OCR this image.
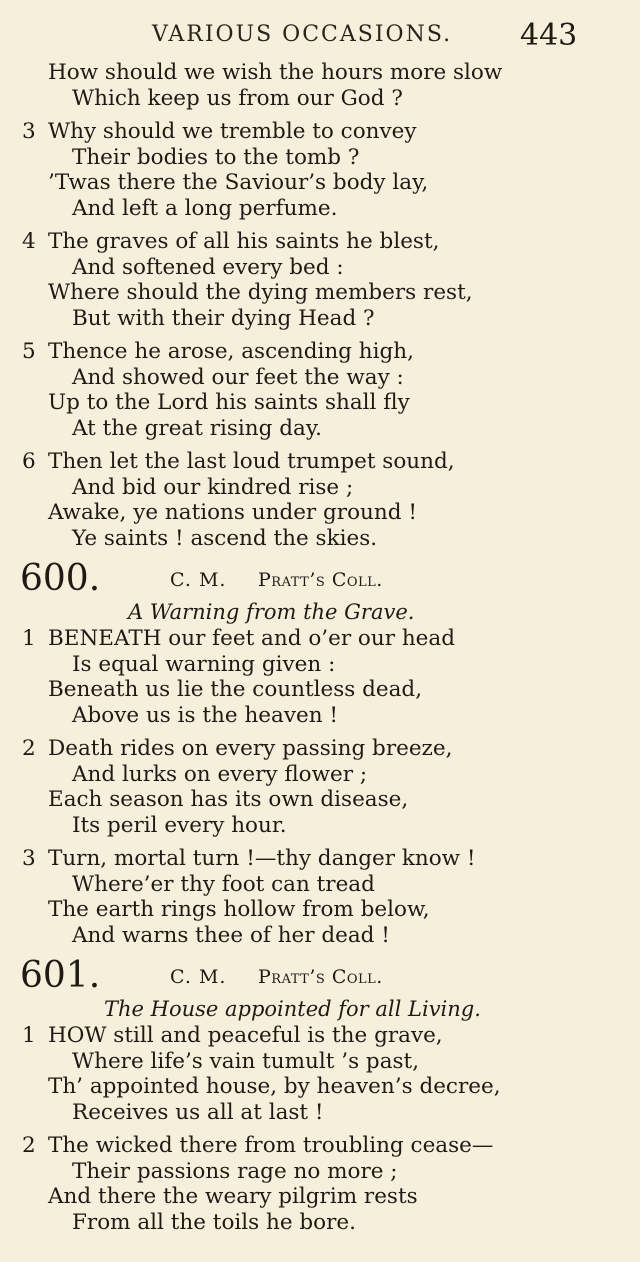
VARIOUS OCCASIONS. 443
How should we wish the hours more slow
Which keep us from our God ?
3 Why should we tremble to convey
Their bodies to the tomb ?
’Twas there the Saviour’s body lay,
And left a long perfume.
4 The graves of all his saints he blest,
And softened every bed :
Where should the dying members rest,
But with their dying Head ?
5 Thence he arose, ascending high,
And showed our feet the way :
Up to the Lord his saints shall fly
At the great rising day.
6 Then let the last loud trumpet sound,
And bid our kindred rise ;
Awake, ye nations under ground !
Ye saints ! ascend the skies.
600.	C. M. Pratt’s Coll.
A Warning from the Grave.
1 BENEATH our feet and o’er our head
Is equal warning given :
Beneath us lie the countless dead,
Above us is the heaven !
2 Death rides on every passing breeze,
And lurks on every flower ;
Each season has its own disease,
Its peril every hour.
3 Turn, mortal turn !—thy danger know !
Where’er thy foot can tread
The earth rings hollow from below,
And warns thee of her dead !
601.	C. M. Pratt’s Coll.
The House appointed for all Living.
1 HOW still and peaceful is the grave,
Where life’s vain tumult ’s past,
Th’ appointed house, by heaven’s decree,
Receives us all at last !
2 The wicked there from troubling cease—
Their passions rage no more ;
And there the weary pilgrim rests
From all the toils he bore.
